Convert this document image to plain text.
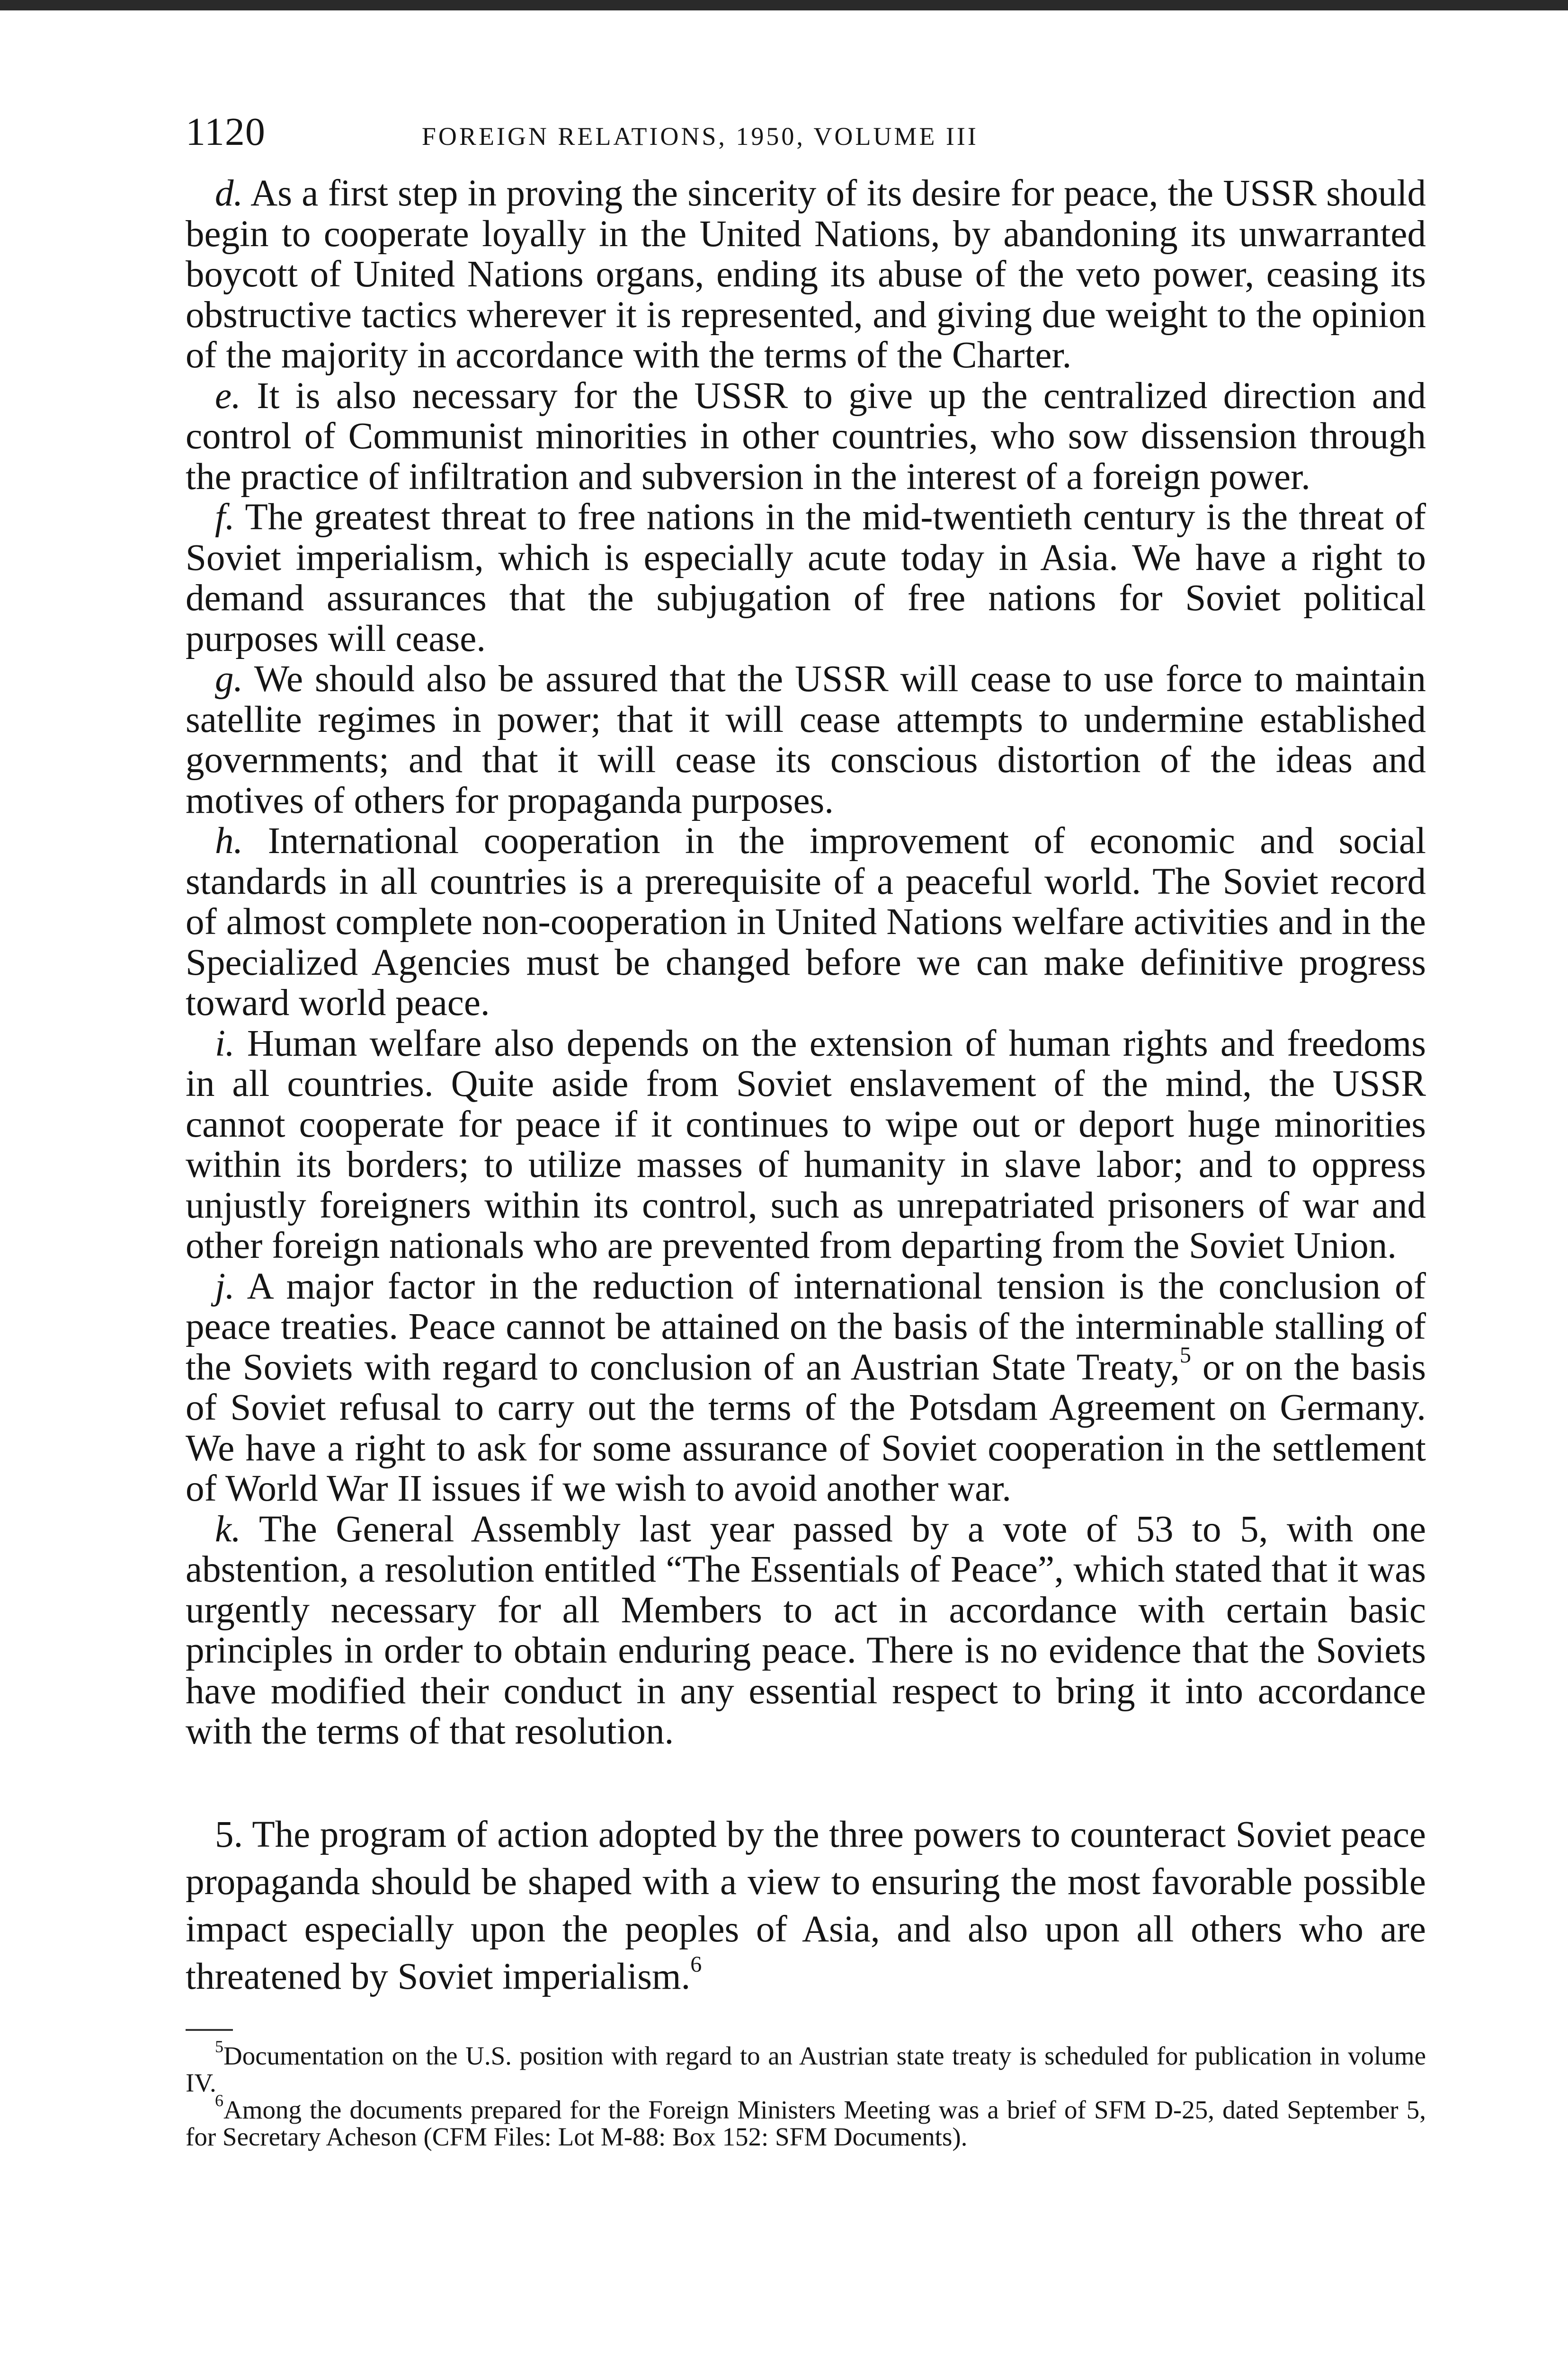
1120	FOREIGN RELATIONS, 1950, VOLUME III

d. As a first step in proving the sincerity of its desire for peace, the USSR should begin to cooperate loyally in the United Nations, by abandoning its unwarranted boycott of United Nations organs, ending its abuse of the veto power, ceasing its obstructive tactics wherever it is represented, and giving due weight to the opinion of the majority in accordance with the terms of the Charter.

e. It is also necessary for the USSR to give up the centralized direction and control of Communist minorities in other countries, who sow dissension through the practice of infiltration and subversion in the interest of a foreign power.

f. The greatest threat to free nations in the mid-twentieth century is the threat of Soviet imperialism, which is especially acute today in Asia. We have a right to demand assurances that the subjugation of free nations for Soviet political purposes will cease.

g. We should also be assured that the USSR will cease to use force to maintain satellite regimes in power; that it will cease attempts to undermine established governments; and that it will cease its conscious distortion of the ideas and motives of others for propaganda purposes.

h. International cooperation in the improvement of economic and social standards in all countries is a prerequisite of a peaceful world. The Soviet record of almost complete non-cooperation in United Nations welfare activities and in the Specialized Agencies must be changed before we can make definitive progress toward world peace.

i. Human welfare also depends on the extension of human rights and freedoms in all countries. Quite aside from Soviet enslavement of the mind, the USSR cannot cooperate for peace if it continues to wipe out or deport huge minorities within its borders; to utilize masses of humanity in slave labor; and to oppress unjustly foreigners within its control, such as unrepatriated prisoners of war and other foreign nationals who are prevented from departing from the Soviet Union.

j. A major factor in the reduction of international tension is the conclusion of peace treaties. Peace cannot be attained on the basis of the interminable stalling of the Soviets with regard to conclusion of an Austrian State Treaty,$^5$ or on the basis of Soviet refusal to carry out the terms of the Potsdam Agreement on Germany. We have a right to ask for some assurance of Soviet cooperation in the settlement of World War II issues if we wish to avoid another war.

k. The General Assembly last year passed by a vote of 53 to 5, with one abstention, a resolution entitled “The Essentials of Peace”, which stated that it was urgently necessary for all Members to act in accordance with certain basic principles in order to obtain enduring peace. There is no evidence that the Soviets have modified their conduct in any essential respect to bring it into accordance with the terms of that resolution.

5. The program of action adopted by the three powers to counteract Soviet peace propaganda should be shaped with a view to ensuring the most favorable possible impact especially upon the peoples of Asia, and also upon all others who are threatened by Soviet imperialism.$^6$

$^5$Documentation on the U.S. position with regard to an Austrian state treaty is scheduled for publication in volume IV.

$^6$Among the documents prepared for the Foreign Ministers Meeting was a brief of SFM D-25, dated September 5, for Secretary Acheson (CFM Files: Lot M-88: Box 152: SFM Documents).
